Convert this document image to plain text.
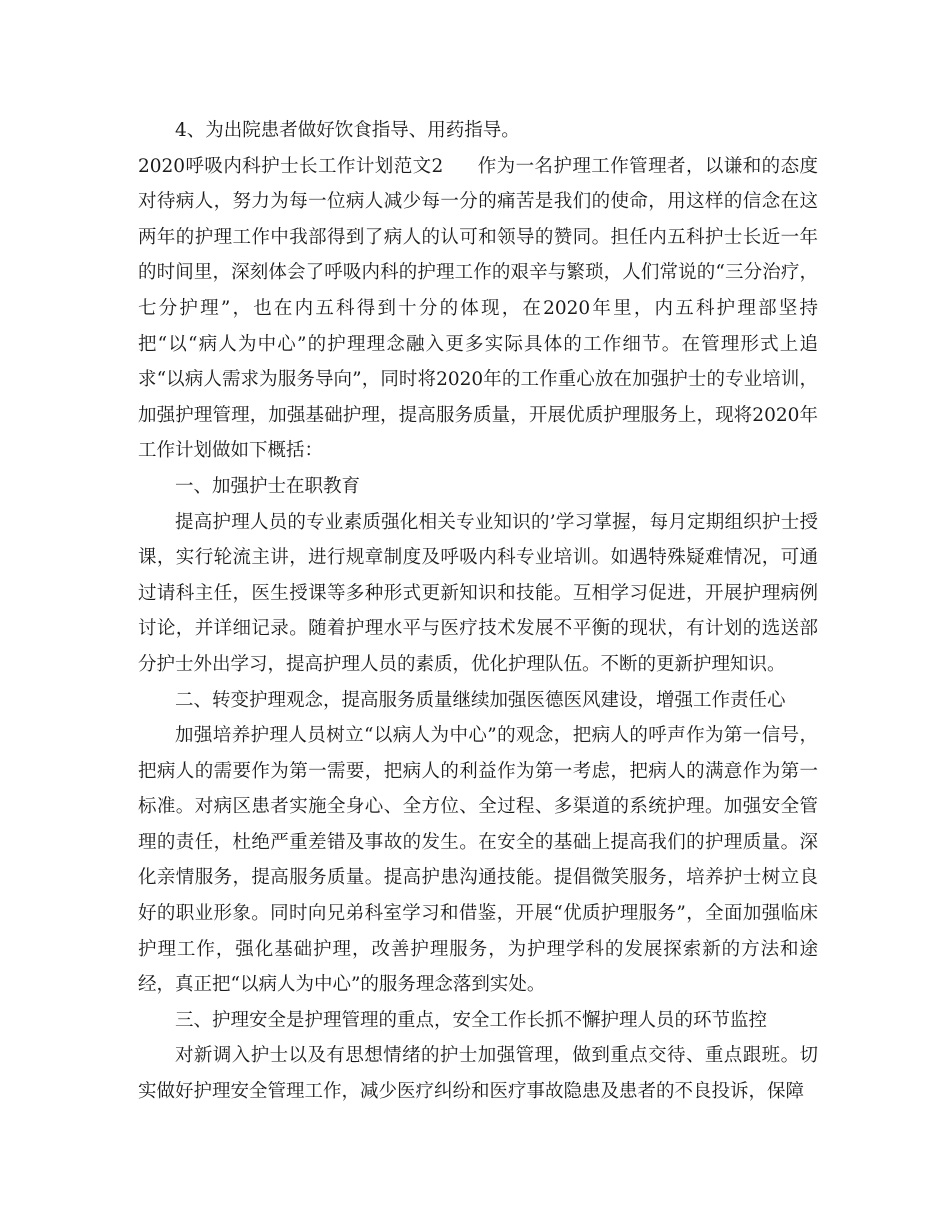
4、为出院患者做好饮食指导、用药指导。

2020呼吸内科护士长工作计划范文2 作为一名护理工作管理者，以谦和的态度对待病人，努力为每一位病人减少每一分的痛苦是我们的使命，用这样的信念在这两年的护理工作中我部得到了病人的认可和领导的赞同。担任内五科护士长近一年的时间里，深刻体会了呼吸内科的护理工作的艰辛与繁琐，人们常说的“三分治疗，七分护理”，也在内五科得到十分的体现，在2020年里，内五科护理部坚持把“以“病人为中心”的护理理念融入更多实际具体的工作细节。在管理形式上追求“以病人需求为服务导向”，同时将2020年的工作重心放在加强护士的专业培训，加强护理管理，加强基础护理，提高服务质量，开展优质护理服务上，现将2020年工作计划做如下概括：

一、加强护士在职教育

提高护理人员的专业素质强化相关专业知识的’学习掌握，每月定期组织护士授课，实行轮流主讲，进行规章制度及呼吸内科专业培训。如遇特殊疑难情况，可通过请科主任，医生授课等多种形式更新知识和技能。互相学习促进，开展护理病例讨论，并详细记录。随着护理水平与医疗技术发展不平衡的现状，有计划的选送部分护士外出学习，提高护理人员的素质，优化护理队伍。不断的更新护理知识。

二、转变护理观念，提高服务质量继续加强医德医风建设，增强工作责任心

加强培养护理人员树立“以病人为中心”的观念，把病人的呼声作为第一信号，把病人的需要作为第一需要，把病人的利益作为第一考虑，把病人的满意作为第一标准。对病区患者实施全身心、全方位、全过程、多渠道的系统护理。加强安全管理的责任，杜绝严重差错及事故的发生。在安全的基础上提高我们的护理质量。深化亲情服务，提高服务质量。提高护患沟通技能。提倡微笑服务，培养护士树立良好的职业形象。同时向兄弟科室学习和借鉴，开展“优质护理服务”，全面加强临床护理工作，强化基础护理，改善护理服务，为护理学科的发展探索新的方法和途经，真正把“以病人为中心”的服务理念落到实处。

三、护理安全是护理管理的重点，安全工作长抓不懈护理人员的环节监控

对新调入护士以及有思想情绪的护士加强管理，做到重点交待、重点跟班。切实做好护理安全管理工作，减少医疗纠纷和医疗事故隐患及患者的不良投诉，保障
